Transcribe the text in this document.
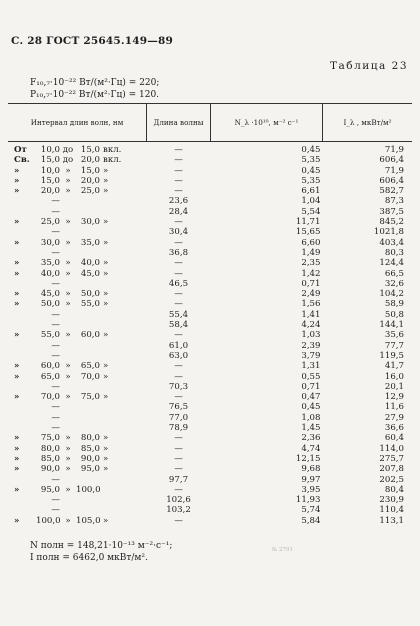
С. 28 ГОСТ 25645.149—89
Таблица 23
F₁₀,₇·10⁻²² Вт/(м²·Гц) = 220;
P₁₀,₇·10⁻²² Вт/(м²·Гц) = 120.
Интервал длин волн, нм	Длина волны	N_λ ·10¹⁰, м⁻² с⁻¹	I_λ , мкВт/м²
От 10,0 до 15,0 вкл.	—	0,45	71,9
Св. 15,0 до 20,0 вкл.	—	5,35	606,4
» 10,0 » 15,0 »	—	0,45	71,9
» 15,0 » 20,0 »	—	5,35	606,4
» 20,0 » 25,0 »	—	6,61	582,7
—	23,6	1,04	87,3
—	28,4	5,54	387,5
» 25,0 » 30,0 »	—	11,71	845,2
—	30,4	15,65	1021,8
» 30,0 » 35,0 »	—	6,60	403,4
—	36,8	1,49	80,3
» 35,0 » 40,0 »	—	2,35	124,4
» 40,0 » 45,0 »	—	1,42	66,5
—	46,5	0,71	32,6
» 45,0 » 50,0 »	—	2,49	104,2
» 50,0 » 55,0 »	—	1,56	58,9
—	55,4	1,41	50,8
—	58,4	4,24	144,1
» 55,0 » 60,0 »	—	1,03	35,6
—	61,0	2,39	77,7
—	63,0	3,79	119,5
» 60,0 » 65,0 »	—	1,31	41,7
» 65,0 » 70,0 »	—	0,55	16,0
—	70,3	0,71	20,1
» 70,0 » 75,0 »	—	0,47	12,9
—	76,5	0,45	11,6
—	77,0	1,08	27,9
—	78,9	1,45	36,6
» 75,0 » 80,0 »	—	2,36	60,4
» 80,0 » 85,0 »	—	4,74	114,0
» 85,0 » 90,0 »	—	12,15	275,7
» 90,0 » 95,0 »	—	9,68	207,8
—	97,7	9,97	202,5
» 95,0 » 100,0	—	3,95	80,4
—	102,6	11,93	230,9
—	103,2	5,74	110,4
» 100,0 » 105,0 »	—	5,84	113,1
N полн = 148,21·10⁻¹³ м⁻²·с⁻¹;
I полн = 6462,0 мкВт/м².
№ 2791
